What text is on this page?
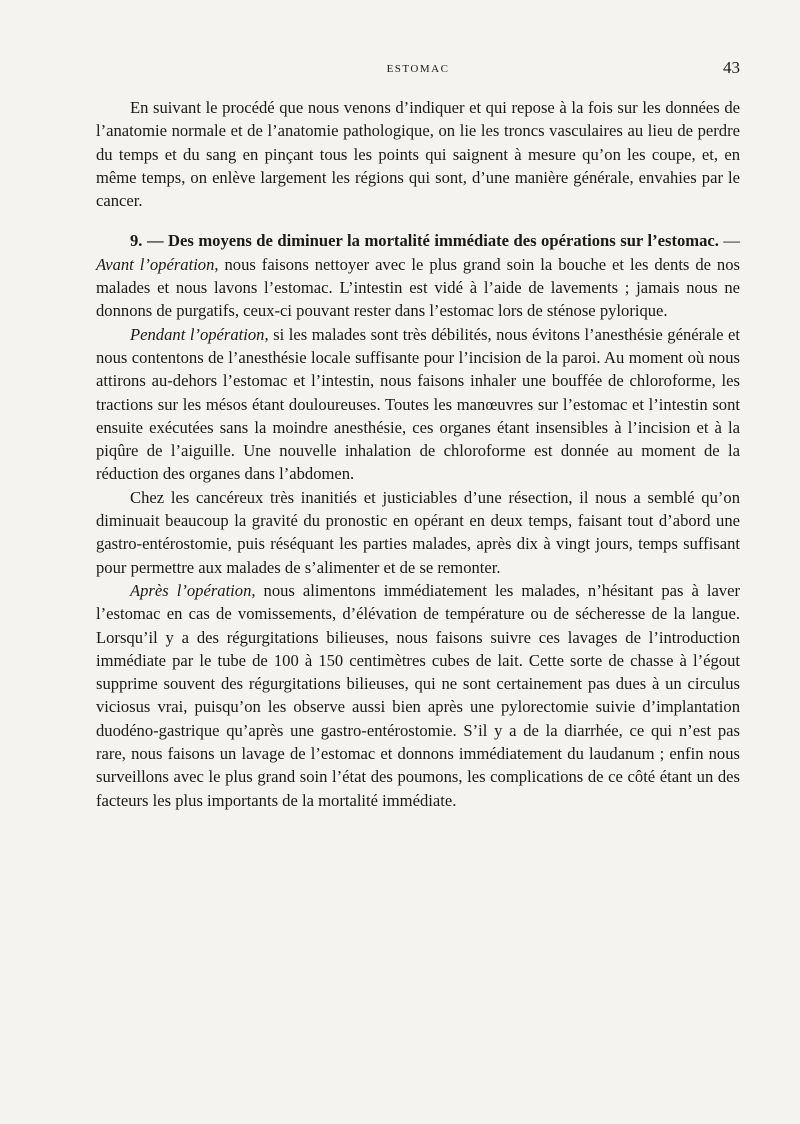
ESTOMAC	43

En suivant le procédé que nous venons d’indiquer et qui repose à la fois sur les données de l’anatomie normale et de l’anatomie pathologique, on lie les troncs vasculaires au lieu de perdre du temps et du sang en pinçant tous les points qui saignent à mesure qu’on les coupe, et, en même temps, on enlève largement les régions qui sont, d’une manière générale, envahies par le cancer.

9. — Des moyens de diminuer la mortalité immédiate des opérations sur l’estomac. — Avant l’opération, nous faisons nettoyer avec le plus grand soin la bouche et les dents de nos malades et nous lavons l’estomac. L’intestin est vidé à l’aide de lavements ; jamais nous ne donnons de purgatifs, ceux-ci pouvant rester dans l’estomac lors de sténose pylorique.

Pendant l’opération, si les malades sont très débilités, nous évitons l’anesthésie générale et nous contentons de l’anesthésie locale suffisante pour l’incision de la paroi. Au moment où nous attirons au-dehors l’estomac et l’intestin, nous faisons inhaler une bouffée de chloroforme, les tractions sur les mésos étant douloureuses. Toutes les manœuvres sur l’estomac et l’intestin sont ensuite exécutées sans la moindre anesthésie, ces organes étant insensibles à l’incision et à la piqûre de l’aiguille. Une nouvelle inhalation de chloroforme est donnée au moment de la réduction des organes dans l’abdomen.

Chez les cancéreux très inanitiés et justiciables d’une résection, il nous a semblé qu’on diminuait beaucoup la gravité du pronostic en opérant en deux temps, faisant tout d’abord une gastro-entérostomie, puis réséquant les parties malades, après dix à vingt jours, temps suffisant pour permettre aux malades de s’alimenter et de se remonter.

Après l’opération, nous alimentons immédiatement les malades, n’hésitant pas à laver l’estomac en cas de vomissements, d’élévation de température ou de sécheresse de la langue. Lorsqu’il y a des régurgitations bilieuses, nous faisons suivre ces lavages de l’introduction immédiate par le tube de 100 à 150 centimètres cubes de lait. Cette sorte de chasse à l’égout supprime souvent des régurgitations bilieuses, qui ne sont certainement pas dues à un circulus viciosus vrai, puisqu’on les observe aussi bien après une pylorectomie suivie d’implantation duodéno-gastrique qu’après une gastro-entérostomie. S’il y a de la diarrhée, ce qui n’est pas rare, nous faisons un lavage de l’estomac et donnons immédiatement du laudanum ; enfin nous surveillons avec le plus grand soin l’état des poumons, les complications de ce côté étant un des facteurs les plus importants de la mortalité immédiate.
